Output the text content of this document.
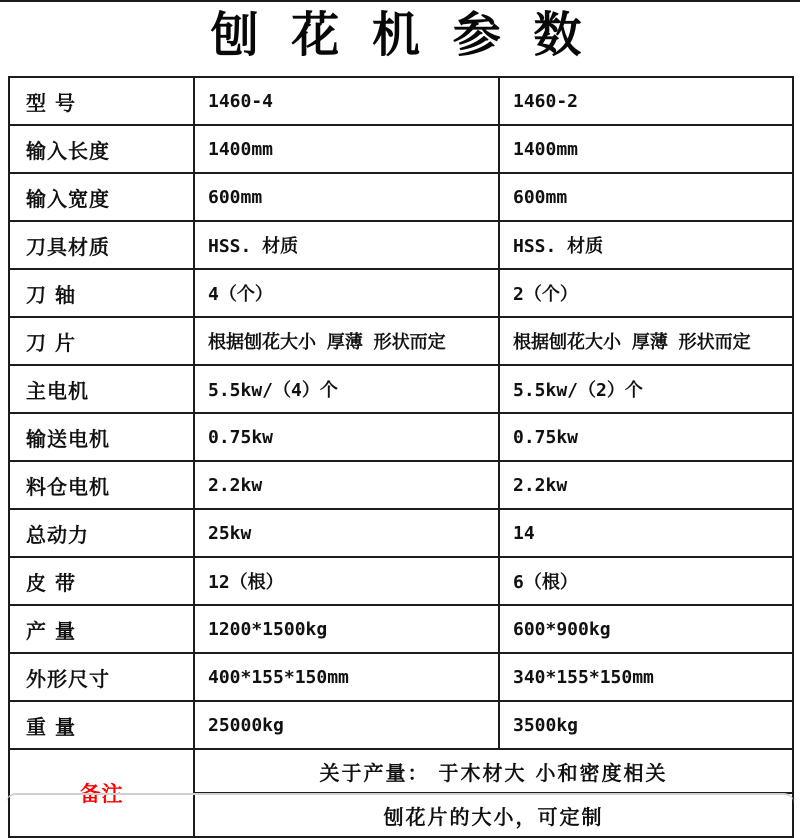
刨 花 机 参 数
型 号	1460-4	1460-2
输入长度	1400mm	1400mm
输入宽度	600mm	600mm
刀具材质	HSS. 材质	HSS. 材质
刀 轴	4（个）	2（个）
刀 片	根据刨花大小 厚薄 形状而定	根据刨花大小 厚薄 形状而定
主电机	5.5kw/（4）个	5.5kw/（2）个
输送电机	0.75kw	0.75kw
料仓电机	2.2kw	2.2kw
总动力	25kw	14
皮 带	12（根）	6（根）
产 量	1200*1500kg	600*900kg
外形尺寸	400*155*150mm	340*155*150mm
重 量	25000kg	3500kg
备注	关于产量： 于木材大 小和密度相关	
	刨花片的大小，可定制	
